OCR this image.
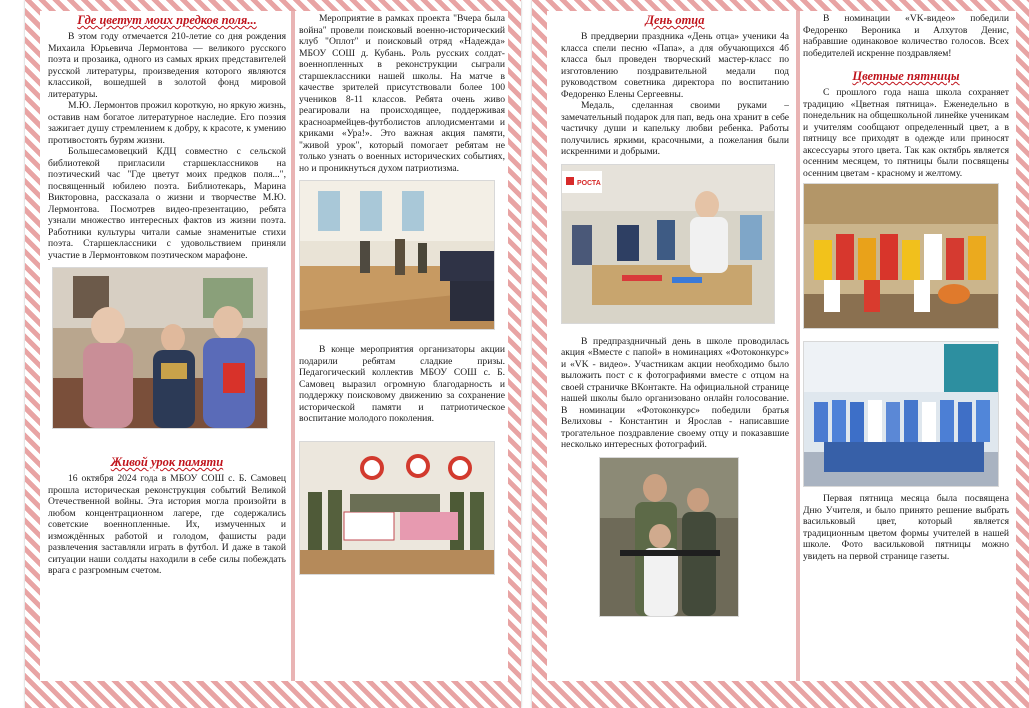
Где цветут моих предков поля...

В этом году отмечается 210-летие со дня рождения Михаила Юрьевича Лермонтова — великого русского поэта и прозаика, одного из самых ярких представителей русской литературы, произведения которого являются классикой, вошедшей в золотой фонд мировой литературы.

М.Ю. Лермонтов прожил короткую, но яркую жизнь, оставив нам богатое литературное наследие. Его поэзия зажигает душу стремлением к добру, к красоте, к умению противостоять бурям жизни.

Большесамовецкий КДЦ совместно с сельской библиотекой пригласили старшеклассников на поэтический час "Где цветут моих предков поля...", посвященный юбилею поэта. Библиотекарь, Марина Викторовна, рассказала о жизни и творчестве М.Ю. Лермонтова. Посмотрев видео-презентацию, ребята узнали множество интересных фактов из жизни поэта. Работники культуры читали самые знаменитые стихи поэта. Старшеклассники с удовольствием приняли участие в Лермонтовком поэтическом марафоне.

Живой урок памяти

16 октября 2024 года в МБОУ СОШ с. Б. Самовец прошла историческая реконструкция событий Великой Отечественной войны. Эта история могла произойти в любом концентрационном лагере, где содержались советские военнопленные. Их, измученных и измождённых работой и голодом, фашисты ради развлечения заставляли играть в футбол. И даже в такой ситуации наши солдаты находили в себе силы побеждать врага с разгромным счетом.

Мероприятие в рамках проекта "Вчера была война" провели поисковый военно-исторический клуб "Оплот" и поисковый отряд «Надежда» МБОУ СОШ д. Кубань. Роль русских солдат-военнопленных в реконструкции сыграли старшеклассники нашей школы. На матче в качестве зрителей присутствовали более 100 учеников 8-11 классов. Ребята очень живо реагировали на происходящее, поддерживая красноармейцев-футболистов аплодисментами и криками «Ура!». Это важная акция памяти, "живой урок", который помогает ребятам не только узнать о военных исторических событиях, но и проникнуться духом патриотизма.

В конце мероприятия организаторы акции подарили ребятам сладкие призы. Педагогический коллектив МБОУ СОШ с. Б. Самовец выразил огромную благодарность и поддержку поисковому движению за сохранение исторической памяти и патриотическое воспитание молодого поколения.

День отца

В преддверии праздника «День отца» ученики 4а класса спели песню «Папа», а для обучающихся 4б класса был проведен творческий мастер-класс по изготовлению поздравительной медали под руководством советника директора по воспитанию Федоренко Елены Сергеевны.

Медаль, сделанная своими руками – замечательный подарок для пап, ведь она хранит в себе частичку души и капельку любви ребенка. Работы получились яркими, красочными, а пожелания были искренними и добрыми.

РОСТА

В предпраздничный день в школе проводилась акция «Вместе с папой» в номинациях «Фотоконкурс» и «VK - видео». Участникам акции необходимо было выложить пост с к фотографиями вместе с отцом на своей страничке ВКонтакте. На официальной странице нашей школы было организовано онлайн голосование. В номинации «Фотоконкурс» победили братья Велиховы - Константин и Ярослав - написавшие трогательное поздравление своему отцу и показавшие несколько интересных фотографий.

В номинации «VK-видео» победили Федоренко Вероника и Алхутов Денис, набравшие одинаковое количество голосов. Всех победителей искренне поздравляем!

Цветные пятницы

С прошлого года наша школа сохраняет традицию «Цветная пятница». Еженедельно в понедельник на общешкольной линейке ученикам и учителям сообщают определенный цвет, а в пятницу все приходят в одежде или приносят аксессуары этого цвета. Так как октябрь является осенним месяцем, то пятницы были посвящены осенним цветам - красному и желтому.

Первая пятница месяца была посвящена Дню Учителя, и было принято решение выбрать васильковый цвет, который является традиционным цветом формы учителей в нашей школе. Фото васильковой пятницы можно увидеть на первой странице газеты.
